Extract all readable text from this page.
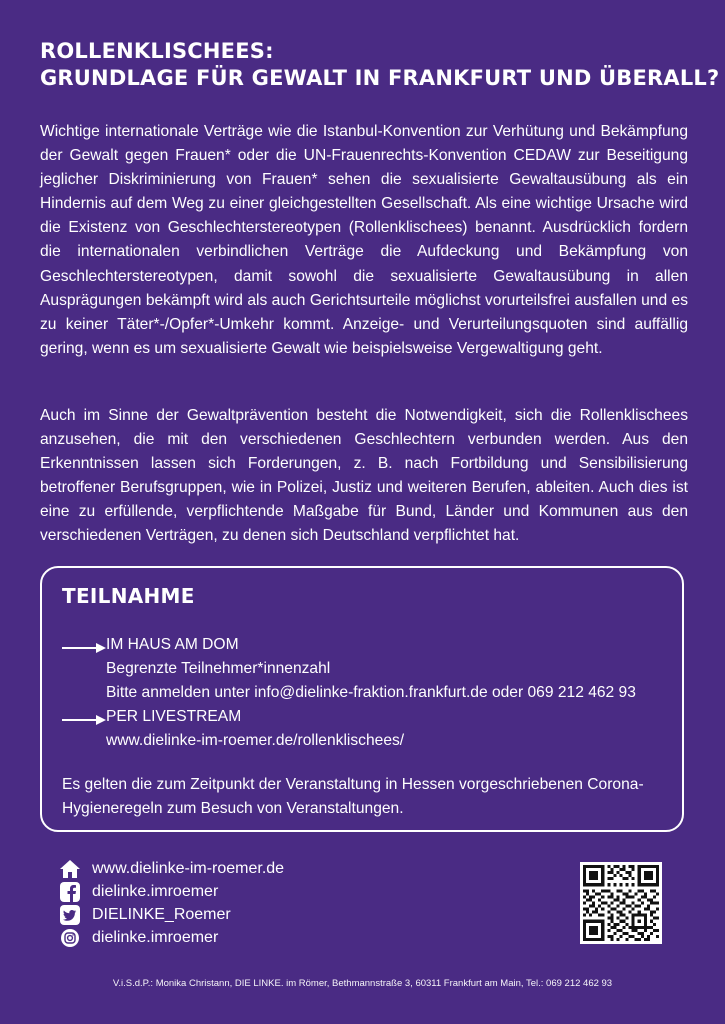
ROLLENKLISCHEES:
GRUNDLAGE FÜR GEWALT IN FRANKFURT UND ÜBERALL?
Wichtige internationale Verträge wie die Istanbul-Konvention zur Verhütung und Bekämpfung der Gewalt gegen Frauen* oder die UN-Frauenrechts-Konvention CEDAW zur Beseitigung jeglicher Diskriminierung von Frauen* sehen die sexualisierte Gewaltausübung als ein Hindernis auf dem Weg zu einer gleichgestellten Gesellschaft. Als eine wichtige Ursache wird die Existenz von Geschlechterstereotypen (Rollenklischees) benannt. Ausdrücklich fordern die internationalen verbindlichen Verträge die Aufdeckung und Bekämpfung von Geschlechterstereotypen, damit sowohl die sexualisierte Gewaltausübung in allen Ausprägungen bekämpft wird als auch Gerichtsurteile möglichst vorurteilsfrei ausfallen und es zu keiner Täter*-/Opfer*-Umkehr kommt. Anzeige- und Verurteilungsquoten sind auffällig gering, wenn es um sexualisierte Gewalt wie beispielsweise Vergewaltigung geht.
Auch im Sinne der Gewaltprävention besteht die Notwendigkeit, sich die Rollenklischees anzusehen, die mit den verschiedenen Geschlechtern verbunden werden. Aus den Erkenntnissen lassen sich Forderungen, z. B. nach Fortbildung und Sensibilisierung betroffener Berufsgruppen, wie in Polizei, Justiz und weiteren Berufen, ableiten. Auch dies ist eine zu erfüllende, verpflichtende Maßgabe für Bund, Länder und Kommunen aus den verschiedenen Verträgen, zu denen sich Deutschland verpflichtet hat.
TEILNAHME
IM HAUS AM DOM
Begrenzte Teilnehmer*innenzahl
Bitte anmelden unter info@dielinke-fraktion.frankfurt.de oder 069 212 462 93
PER LIVESTREAM
www.dielinke-im-roemer.de/rollenklischees/
Es gelten die zum Zeitpunkt der Veranstaltung in Hessen vorgeschriebenen Corona-Hygieneregeln zum Besuch von Veranstaltungen.
www.dielinke-im-roemer.de
dielinke.imroemer
DIELINKE_Roemer
dielinke.imroemer
V.i.S.d.P.: Monika Christann, DIE LINKE. im Römer, Bethmannstraße 3, 60311 Frankfurt am Main, Tel.: 069 212 462 93
